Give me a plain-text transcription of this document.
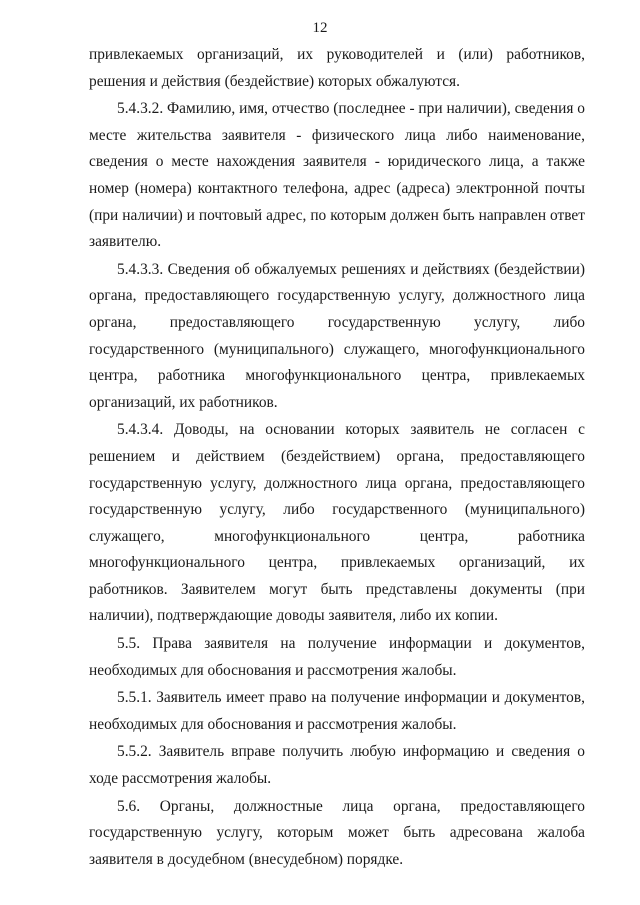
12

привлекаемых организаций, их руководителей и (или) работников, решения и действия (бездействие) которых обжалуются.

5.4.3.2. Фамилию, имя, отчество (последнее - при наличии), сведения о месте жительства заявителя - физического лица либо наименование, сведения о месте нахождения заявителя - юридического лица, а также номер (номера) контактного телефона, адрес (адреса) электронной почты (при наличии) и почтовый адрес, по которым должен быть направлен ответ заявителю.

5.4.3.3. Сведения об обжалуемых решениях и действиях (бездействии) органа, предоставляющего государственную услугу, должностного лица органа, предоставляющего государственную услугу, либо государственного (муниципального) служащего, многофункционального центра, работника многофункционального центра, привлекаемых организаций, их работников.

5.4.3.4. Доводы, на основании которых заявитель не согласен с решением и действием (бездействием) органа, предоставляющего государственную услугу, должностного лица органа, предоставляющего государственную услугу, либо государственного (муниципального) служащего, многофункционального центра, работника многофункционального центра, привлекаемых организаций, их работников. Заявителем могут быть представлены документы (при наличии), подтверждающие доводы заявителя, либо их копии.

5.5. Права заявителя на получение информации и документов, необходимых для обоснования и рассмотрения жалобы.

5.5.1. Заявитель имеет право на получение информации и документов, необходимых для обоснования и рассмотрения жалобы.

5.5.2. Заявитель вправе получить любую информацию и сведения о ходе рассмотрения жалобы.

5.6. Органы, должностные лица органа, предоставляющего государственную услугу, которым может быть адресована жалоба заявителя в досудебном (внесудебном) порядке.
